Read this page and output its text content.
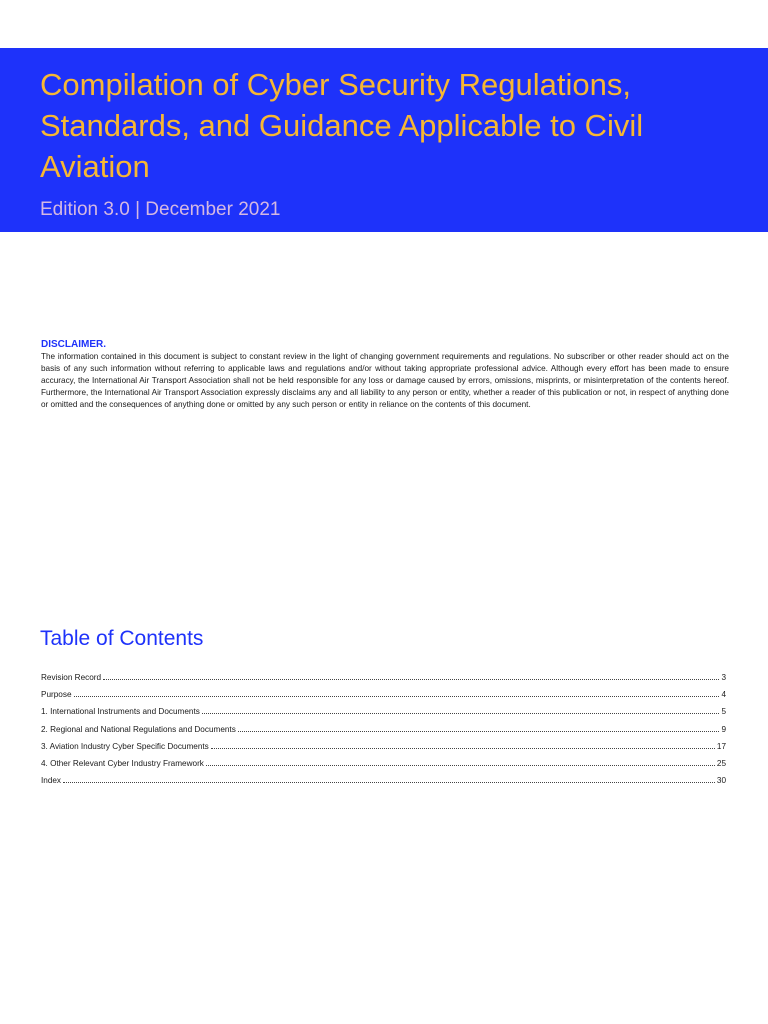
Compilation of Cyber Security Regulations, Standards, and Guidance Applicable to Civil Aviation

Edition 3.0 | December 2021

DISCLAIMER.

The information contained in this document is subject to constant review in the light of changing government requirements and regulations. No subscriber or other reader should act on the basis of any such information without referring to applicable laws and regulations and/or without taking appropriate professional advice. Although every effort has been made to ensure accuracy, the International Air Transport Association shall not be held responsible for any loss or damage caused by errors, omissions, misprints, or misinterpretation of the contents hereof. Furthermore, the International Air Transport Association expressly disclaims any and all liability to any person or entity, whether a reader of this publication or not, in respect of anything done or omitted and the consequences of anything done or omitted by any such person or entity in reliance on the contents of this document.

Table of Contents
Revision Record	3
Purpose	4
1. International Instruments and Documents	5
2. Regional and National Regulations and Documents	9
3. Aviation Industry Cyber Specific Documents	17
4. Other Relevant Cyber Industry Framework	25
Index	30
